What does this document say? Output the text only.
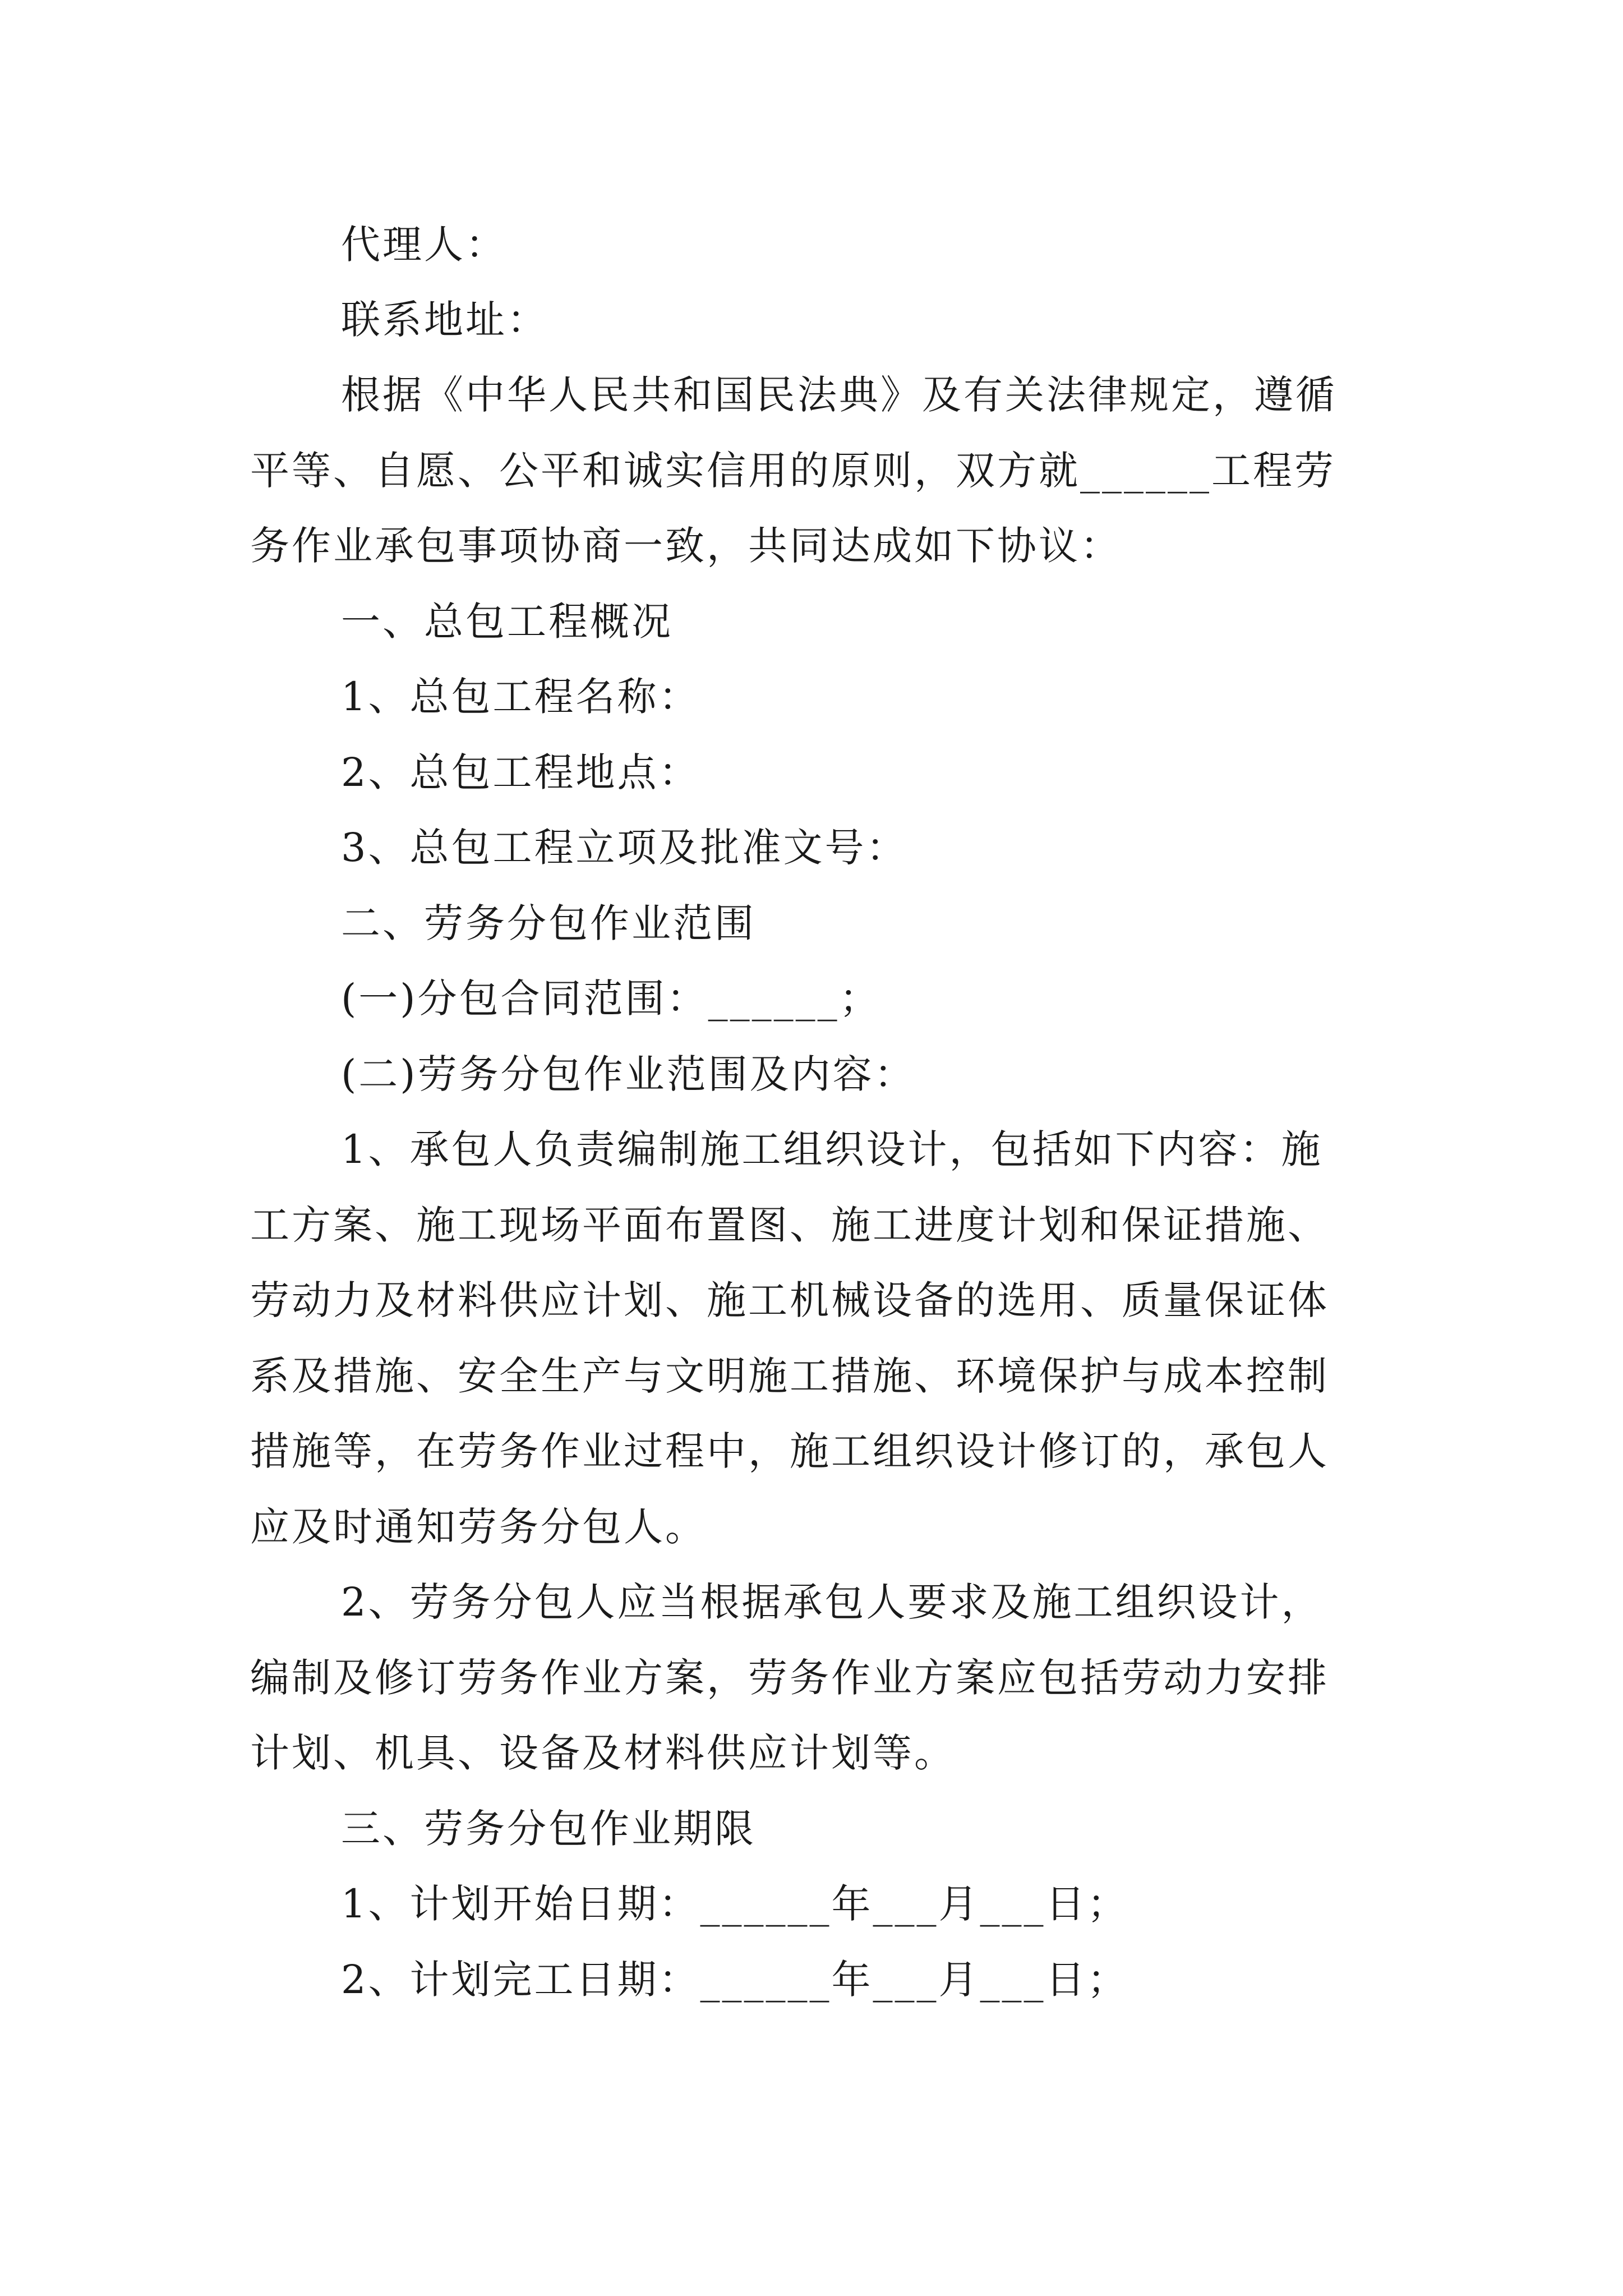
代理人：
联系地址：
根据《中华人民共和国民法典》及有关法律规定，遵循
平等、自愿、公平和诚实信用的原则，双方就______工程劳
务作业承包事项协商一致，共同达成如下协议：
一、总包工程概况
1、总包工程名称：
2、总包工程地点：
3、总包工程立项及批准文号：
二、劳务分包作业范围
(一)分包合同范围：______；
(二)劳务分包作业范围及内容：
1、承包人负责编制施工组织设计，包括如下内容：施
工方案、施工现场平面布置图、施工进度计划和保证措施、
劳动力及材料供应计划、施工机械设备的选用、质量保证体
系及措施、安全生产与文明施工措施、环境保护与成本控制
措施等，在劳务作业过程中，施工组织设计修订的，承包人
应及时通知劳务分包人。
2、劳务分包人应当根据承包人要求及施工组织设计，
编制及修订劳务作业方案，劳务作业方案应包括劳动力安排
计划、机具、设备及材料供应计划等。
三、劳务分包作业期限
1、计划开始日期：______年___月___日；
2、计划完工日期：______年___月___日；
